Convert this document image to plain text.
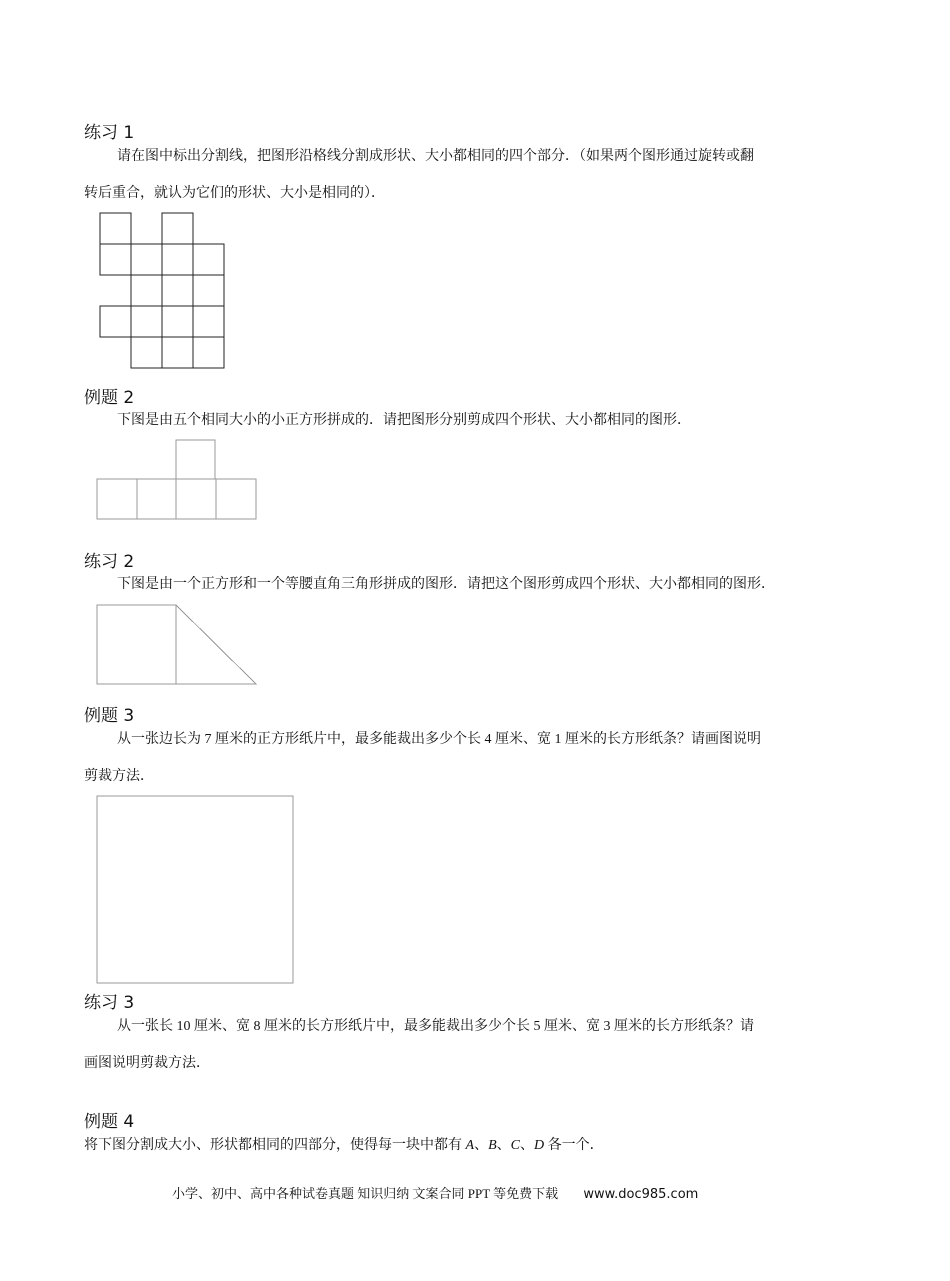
练习 1
请在图中标出分割线，把图形沿格线分割成形状、大小都相同的四个部分．（如果两个图形通过旋转或翻
转后重合，就认为它们的形状、大小是相同的）．
例题 2
下图是由五个相同大小的小正方形拼成的．请把图形分别剪成四个形状、大小都相同的图形．
练习 2
下图是由一个正方形和一个等腰直角三角形拼成的图形．请把这个图形剪成四个形状、大小都相同的图形．
例题 3
从一张边长为 7 厘米的正方形纸片中，最多能裁出多少个长 4 厘米、宽 1 厘米的长方形纸条？请画图说明
剪裁方法．
练习 3
从一张长 10 厘米、宽 8 厘米的长方形纸片中，最多能裁出多少个长 5 厘米、宽 3 厘米的长方形纸条？请
画图说明剪裁方法．
例题 4
将下图分割成大小、形状都相同的四部分，使得每一块中都有 A、B、C、D 各一个．
小学、初中、高中各种试卷真题 知识归纳 文案合同 PPT 等免费下载 www.doc985.com
